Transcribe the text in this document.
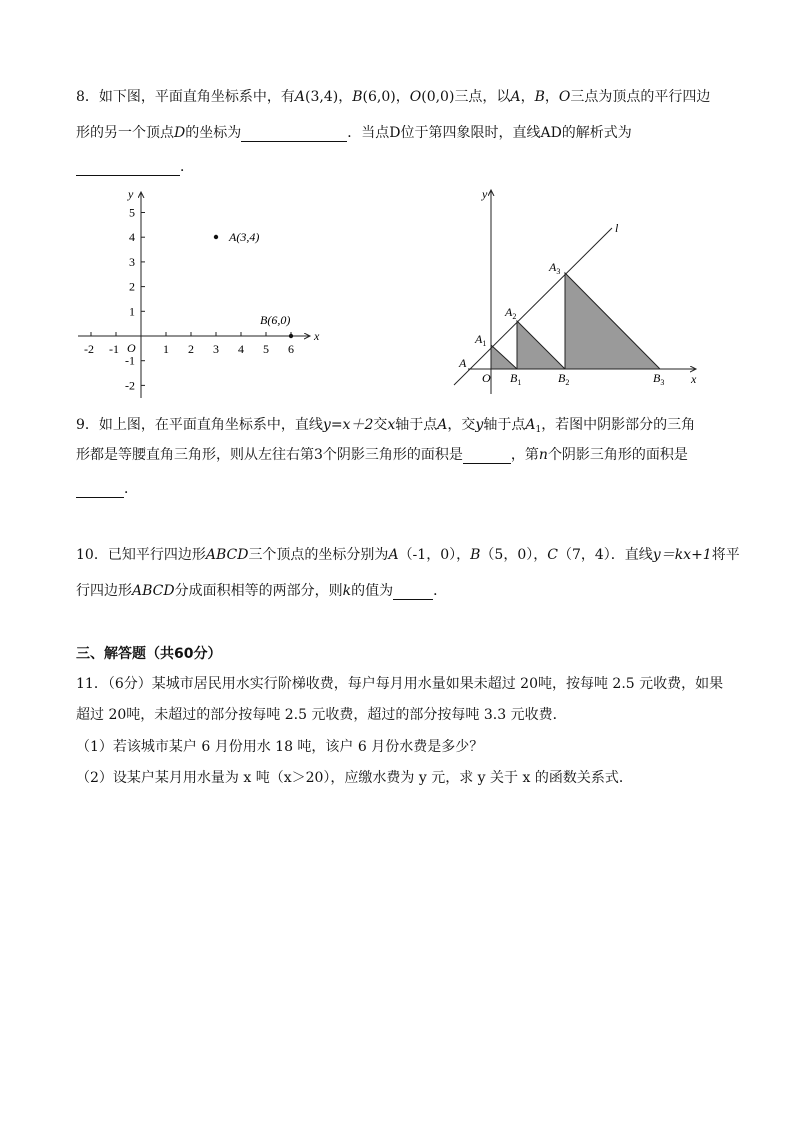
8．如下图，平面直角坐标系中，有A(3,4)，B(6,0)，O(0,0)三点，以A，B，O三点为顶点的平行四边
形的另一个顶点D的坐标为	．当点D位于第四象限时，直线AD的解析式为
．
-2 -1	1 2 3 4 5 6
5
4
3
2
1
-1
-2
x
y
O
A(3,4)
B(6,0)
y
x
l
O
A
$A_1$
$A_2$
$A_3$
$B_1$	$B_2$	$B_3$
9．如上图，在平面直角坐标系中，直线y=x＋2交x轴于点A，交y轴于点$A_1$，若图中阴影部分的三角
形都是等腰直角三角形，则从左往右第3个阴影三角形的面积是	，第n个阴影三角形的面积是
．
10．已知平行四边形ABCD三个顶点的坐标分别为A（-1，0），B（5，0），C（7，4）．直线y＝kx+1将平
行四边形ABCD分成面积相等的两部分，则k的值为	．
三、解答题（共60分）
11．（6分）某城市居民用水实行阶梯收费，每户每月用水量如果未超过 20吨，按每吨 2.5 元收费，如果
超过 20吨，未超过的部分按每吨 2.5 元收费，超过的部分按每吨 3.3 元收费．
（1）若该城市某户 6 月份用水 18 吨，该户 6 月份水费是多少？
（2）设某户某月用水量为 x 吨（x＞20），应缴水费为 y 元，求 y 关于 x 的函数关系式．
